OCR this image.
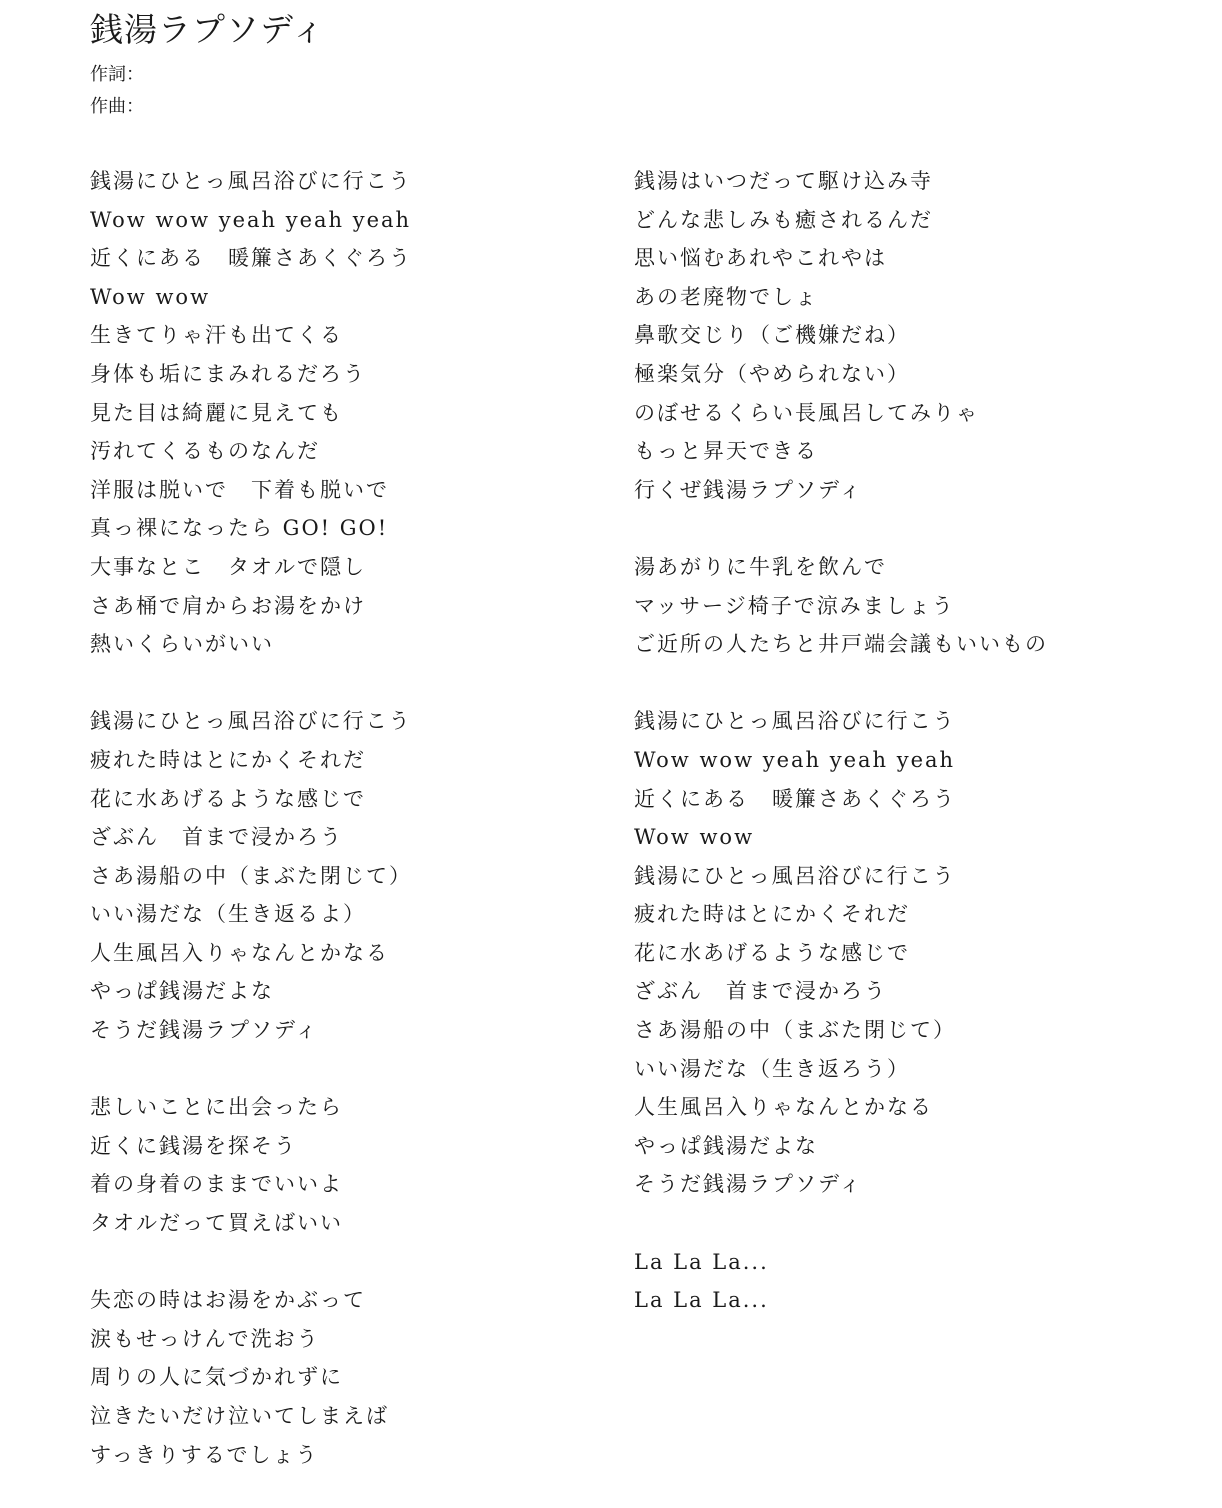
銭湯ラプソディ
作詞：
作曲：
銭湯にひとっ風呂浴びに行こう
Wow wow yeah yeah yeah
近くにある　暖簾さあくぐろう
Wow wow
生きてりゃ汗も出てくる
身体も垢にまみれるだろう
見た目は綺麗に見えても
汚れてくるものなんだ
洋服は脱いで　下着も脱いで
真っ裸になったら GO! GO!
大事なとこ　タオルで隠し
さあ桶で肩からお湯をかけ
熱いくらいがいい
銭湯にひとっ風呂浴びに行こう
疲れた時はとにかくそれだ
花に水あげるような感じで
ざぶん　首まで浸かろう
さあ湯船の中（まぶた閉じて）
いい湯だな（生き返るよ）
人生風呂入りゃなんとかなる
やっぱ銭湯だよな
そうだ銭湯ラプソディ
悲しいことに出会ったら
近くに銭湯を探そう
着の身着のままでいいよ
タオルだって買えばいい
失恋の時はお湯をかぶって
涙もせっけんで洗おう
周りの人に気づかれずに
泣きたいだけ泣いてしまえば
すっきりするでしょう
銭湯はいつだって駆け込み寺
どんな悲しみも癒されるんだ
思い悩むあれやこれやは
あの老廃物でしょ
鼻歌交じり（ご機嫌だね）
極楽気分（やめられない）
のぼせるくらい長風呂してみりゃ
もっと昇天できる
行くぜ銭湯ラプソディ
湯あがりに牛乳を飲んで
マッサージ椅子で涼みましょう
ご近所の人たちと井戸端会議もいいもの
銭湯にひとっ風呂浴びに行こう
Wow wow yeah yeah yeah
近くにある　暖簾さあくぐろう
Wow wow
銭湯にひとっ風呂浴びに行こう
疲れた時はとにかくそれだ
花に水あげるような感じで
ざぶん　首まで浸かろう
さあ湯船の中（まぶた閉じて）
いい湯だな（生き返ろう）
人生風呂入りゃなんとかなる
やっぱ銭湯だよな
そうだ銭湯ラプソディ
La La La...
La La La...
